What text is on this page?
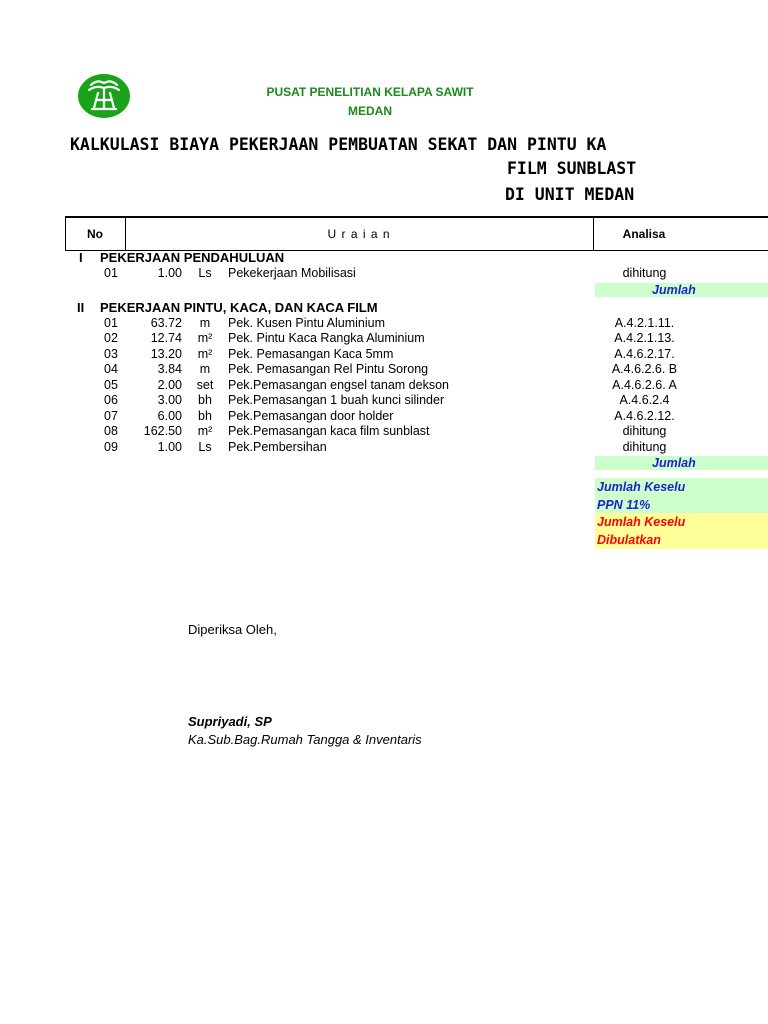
PUSAT PENELITIAN KELAPA SAWIT
MEDAN
KALKULASI BIAYA PEKERJAAN PEMBUATAN SEKAT DAN PINTU KA
FILM SUNBLAST
DI UNIT MEDAN
No	U r a i a n	Analisa
I PEKERJAAN PENDAHULUAN
01	1.00	Ls	Pekekerjaan Mobilisasi	dihitung
Jumlah
II PEKERJAAN PINTU, KACA, DAN KACA FILM
01	63.72	m	Pek. Kusen Pintu Aluminium	A.4.2.1.11.
02	12.74	m²	Pek. Pintu Kaca Rangka Aluminium	A.4.2.1.13.
03	13.20	m²	Pek. Pemasangan Kaca 5mm	A.4.6.2.17.
04	3.84	m	Pek. Pemasangan Rel Pintu Sorong	A.4.6.2.6. B
05	2.00	set	Pek.Pemasangan engsel tanam dekson	A.4.6.2.6. A
06	3.00	bh	Pek.Pemasangan 1 buah kunci silinder	A.4.6.2.4
07	6.00	bh	Pek.Pemasangan door holder	A.4.6.2.12.
08	162.50	m²	Pek.Pemasangan kaca film sunblast	dihitung
09	1.00	Ls	Pek.Pembersihan	dihitung
Jumlah
Jumlah Keselu
PPN 11%
Jumlah Keselu
Dibulatkan
Diperiksa Oleh,
Supriyadi, SP
Ka.Sub.Bag.Rumah Tangga & Inventaris
